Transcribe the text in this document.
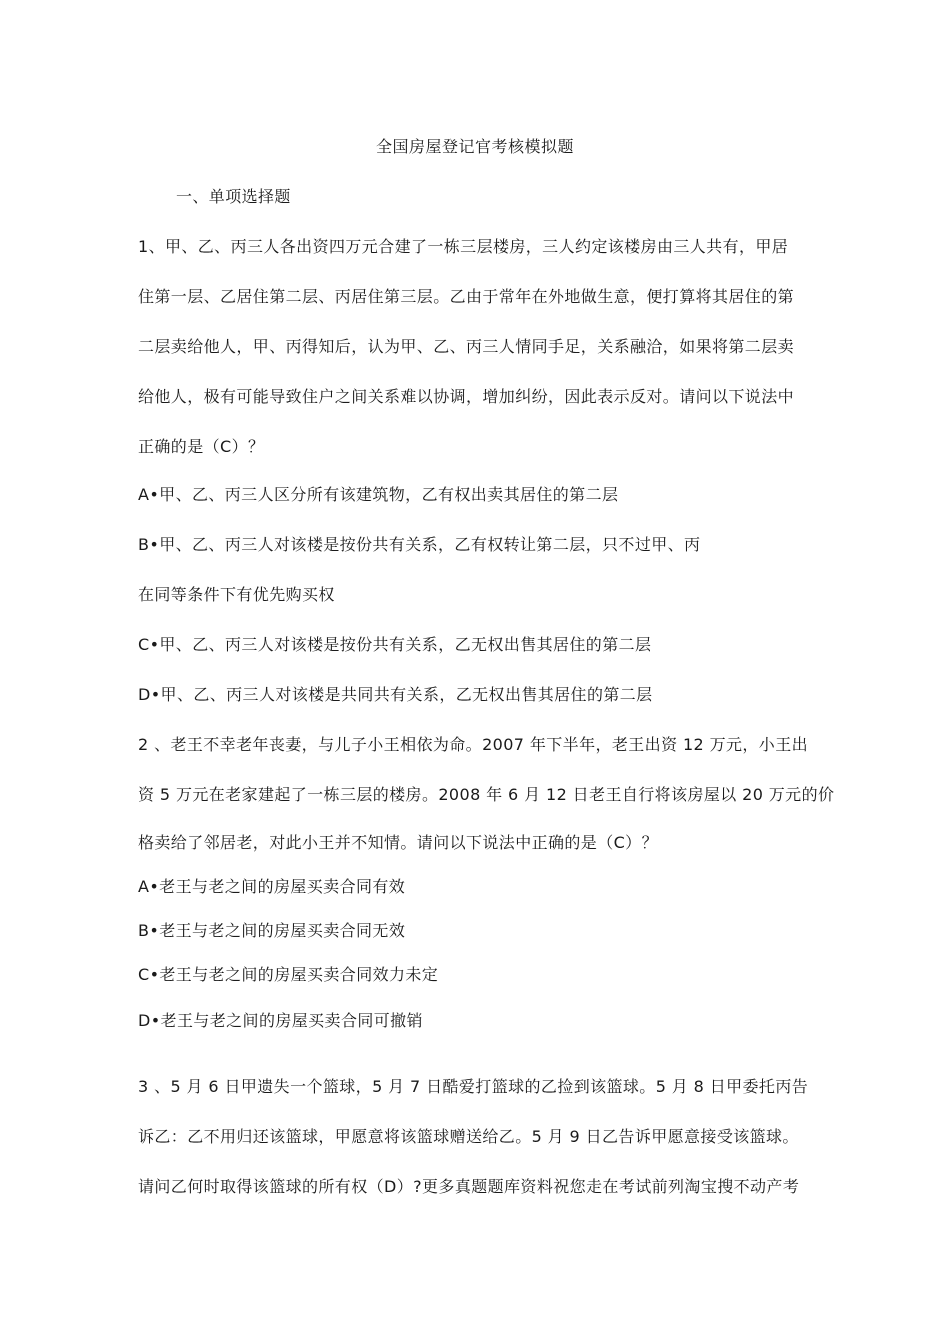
全国房屋登记官考核模拟题
一、单项选择题
1、甲、乙、丙三人各出资四万元合建了一栋三层楼房，三人约定该楼房由三人共有，甲居
住第一层、乙居住第二层、丙居住第三层。乙由于常年在外地做生意，便打算将其居住的第
二层卖给他人，甲、丙得知后，认为甲、乙、丙三人情同手足，关系融洽，如果将第二层卖
给他人，极有可能导致住户之间关系难以协调，增加纠纷，因此表示反对。请问以下说法中
正确的是（C）？
A•甲、乙、丙三人区分所有该建筑物，乙有权出卖其居住的第二层
B•甲、乙、丙三人对该楼是按份共有关系，乙有权转让第二层，只不过甲、丙
在同等条件下有优先购买权
C•甲、乙、丙三人对该楼是按份共有关系，乙无权出售其居住的第二层
D•甲、乙、丙三人对该楼是共同共有关系，乙无权出售其居住的第二层
2 、老王不幸老年丧妻，与儿子小王相依为命。2007 年下半年，老王出资 12 万元，小王出
资 5 万元在老家建起了一栋三层的楼房。2008 年 6 月 12 日老王自行将该房屋以 20 万元的价
格卖给了邻居老，对此小王并不知情。请问以下说法中正确的是（C）？
A•老王与老之间的房屋买卖合同有效
B•老王与老之间的房屋买卖合同无效
C•老王与老之间的房屋买卖合同效力未定
D•老王与老之间的房屋买卖合同可撤销
3 、5 月 6 日甲遗失一个篮球，5 月 7 日酷爱打篮球的乙捡到该篮球。5 月 8 日甲委托丙告
诉乙：乙不用归还该篮球，甲愿意将该篮球赠送给乙。5 月 9 日乙告诉甲愿意接受该篮球。
请问乙何时取得该篮球的所有权（D）?更多真题题库资料祝您走在考试前列淘宝搜不动产考
